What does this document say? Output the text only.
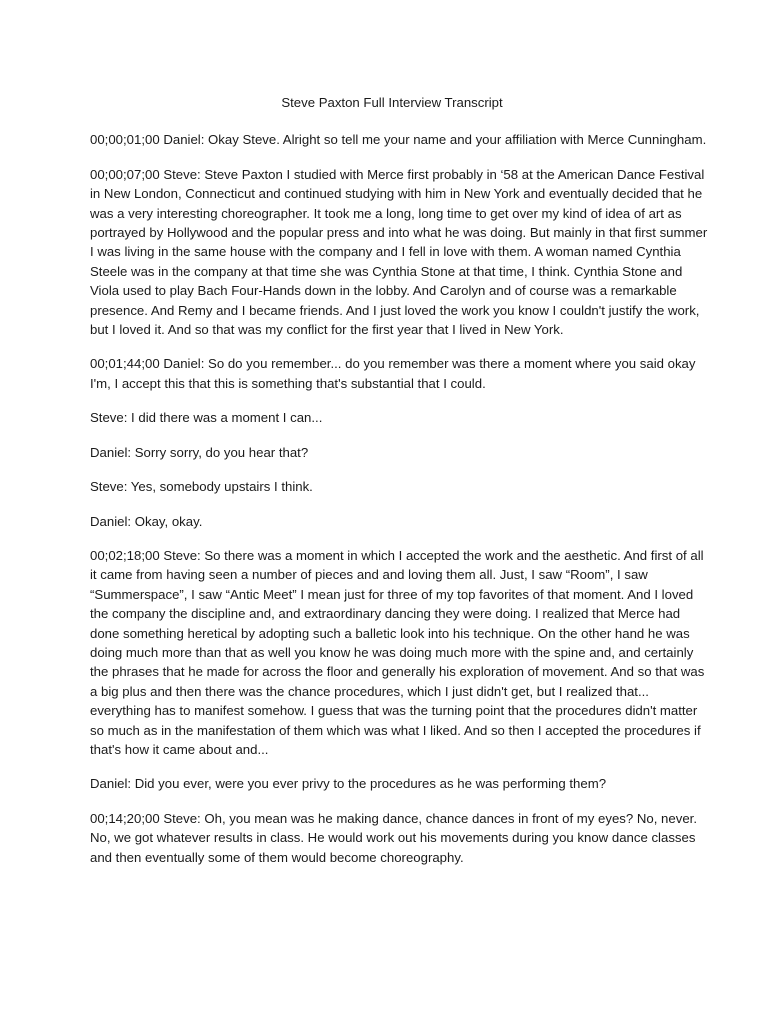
Steve Paxton Full Interview Transcript

00;00;01;00 Daniel: Okay Steve. Alright so tell me your name and your affiliation with Merce Cunningham.

00;00;07;00 Steve: Steve Paxton I studied with Merce first probably in ‘58 at the American Dance Festival in New London, Connecticut and continued studying with him in New York and eventually decided that he was a very interesting choreographer. It took me a long, long time to get over my kind of idea of art as portrayed by Hollywood and the popular press and into what he was doing. But mainly in that first summer I was living in the same house with the company and I fell in love with them. A woman named Cynthia Steele was in the company at that time she was Cynthia Stone at that time, I think. Cynthia Stone and Viola used to play Bach Four-Hands down in the lobby. And Carolyn and of course was a remarkable presence. And Remy and I became friends. And I just loved the work you know I couldn't justify the work, but I loved it. And so that was my conflict for the first year that I lived in New York.

00;01;44;00 Daniel: So do you remember... do you remember was there a moment where you said okay I'm, I accept this that this is something that's substantial that I could.

Steve: I did there was a moment I can...

Daniel: Sorry sorry, do you hear that?

Steve: Yes, somebody upstairs I think.

Daniel: Okay, okay.

00;02;18;00 Steve: So there was a moment in which I accepted the work and the aesthetic. And first of all it came from having seen a number of pieces and and loving them all. Just, I saw “Room”, I saw “Summerspace”, I saw “Antic Meet” I mean just for three of my top favorites of that moment. And I loved the company the discipline and, and extraordinary dancing they were doing. I realized that Merce had done something heretical by adopting such a balletic look into his technique. On the other hand he was doing much more than that as well you know he was doing much more with the spine and, and certainly the phrases that he made for across the floor and generally his exploration of movement. And so that was a big plus and then there was the chance procedures, which I just didn't get, but I realized that... everything has to manifest somehow. I guess that was the turning point that the procedures didn't matter so much as in the manifestation of them which was what I liked. And so then I accepted the procedures if that's how it came about and...

Daniel: Did you ever, were you ever privy to the procedures as he was performing them?

00;14;20;00 Steve: Oh, you mean was he making dance, chance dances in front of my eyes? No, never. No, we got whatever results in class. He would work out his movements during you know dance classes and then eventually some of them would become choreography.
